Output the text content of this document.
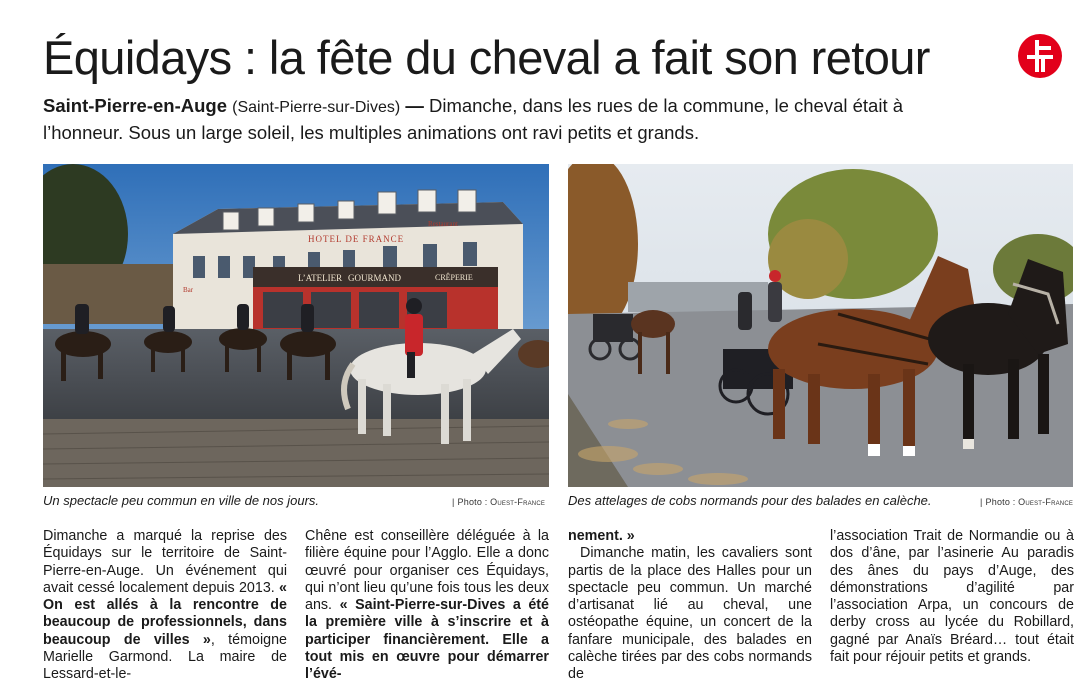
Équidays : la fête du cheval a fait son retour
Saint-Pierre-en-Auge (Saint-Pierre-sur-Dives) — Dimanche, dans les rues de la commune, le cheval était à l’honneur. Sous un large soleil, les multiples animations ont ravi petits et grands.
HOTEL DE FRANCE
Restaurant
Bar
L’ATELIER GOURMAND	CRÊPERIE
Un spectacle peu commun en ville de nos jours.	| Photo : Ouest-France Des attelages de cobs normands pour des balades en calèche.	| Photo : Ouest-France

Dimanche a marqué la reprise des Équidays sur le territoire de Saint-Pierre-en-Auge. Un événement qui avait cessé localement depuis 2013. « On est allés à la rencontre de beaucoup de professionnels, dans beaucoup de villes », témoigne Marielle Garmond. La maire de Lessard-et-le-

Chêne est conseillère déléguée à la filière équine pour l’Agglo. Elle a donc œuvré pour organiser ces Équidays, qui n’ont lieu qu’une fois tous les deux ans. « Saint-Pierre-sur-Dives a été la première ville à s’inscrire et à participer financièrement. Elle a tout mis en œuvre pour démarrer l’évé-

nement. »

Dimanche matin, les cavaliers sont partis de la place des Halles pour un spectacle peu commun. Un marché d’artisanat lié au cheval, une ostéopathe équine, un concert de la fanfare municipale, des balades en calèche tirées par des cobs normands de

l’association Trait de Normandie ou à dos d’âne, par l’asinerie Au paradis des ânes du pays d’Auge, des démonstrations d’agilité par l’association Arpa, un concours de derby cross au lycée du Robillard, gagné par Anaïs Bréard… tout était fait pour réjouir petits et grands.
